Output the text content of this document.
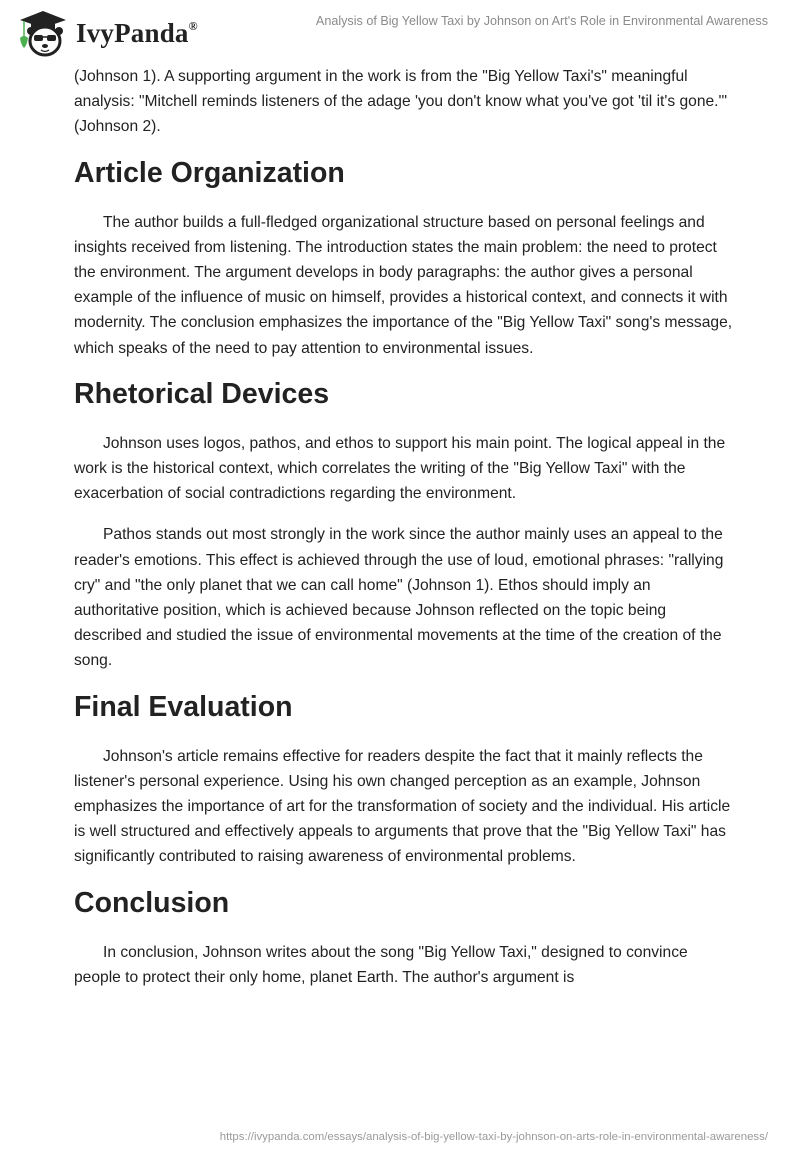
IvyPanda®	Analysis of Big Yellow Taxi by Johnson on Art's Role in Environmental Awareness

(Johnson 1). A supporting argument in the work is from the "Big Yellow Taxi's" meaningful analysis: "Mitchell reminds listeners of the adage 'you don't know what you've got 'til it's gone.'" (Johnson 2).

Article Organization

The author builds a full-fledged organizational structure based on personal feelings and insights received from listening. The introduction states the main problem: the need to protect the environment. The argument develops in body paragraphs: the author gives a personal example of the influence of music on himself, provides a historical context, and connects it with modernity. The conclusion emphasizes the importance of the "Big Yellow Taxi" song's message, which speaks of the need to pay attention to environmental issues.

Rhetorical Devices

Johnson uses logos, pathos, and ethos to support his main point. The logical appeal in the work is the historical context, which correlates the writing of the "Big Yellow Taxi" with the exacerbation of social contradictions regarding the environment.

Pathos stands out most strongly in the work since the author mainly uses an appeal to the reader's emotions. This effect is achieved through the use of loud, emotional phrases: "rallying cry" and "the only planet that we can call home" (Johnson 1). Ethos should imply an authoritative position, which is achieved because Johnson reflected on the topic being described and studied the issue of environmental movements at the time of the creation of the song.

Final Evaluation

Johnson's article remains effective for readers despite the fact that it mainly reflects the listener's personal experience. Using his own changed perception as an example, Johnson emphasizes the importance of art for the transformation of society and the individual. His article is well structured and effectively appeals to arguments that prove that the "Big Yellow Taxi" has significantly contributed to raising awareness of environmental problems.

Conclusion

In conclusion, Johnson writes about the song "Big Yellow Taxi," designed to convince people to protect their only home, planet Earth. The author's argument is

https://ivypanda.com/essays/analysis-of-big-yellow-taxi-by-johnson-on-arts-role-in-environmental-awareness/
